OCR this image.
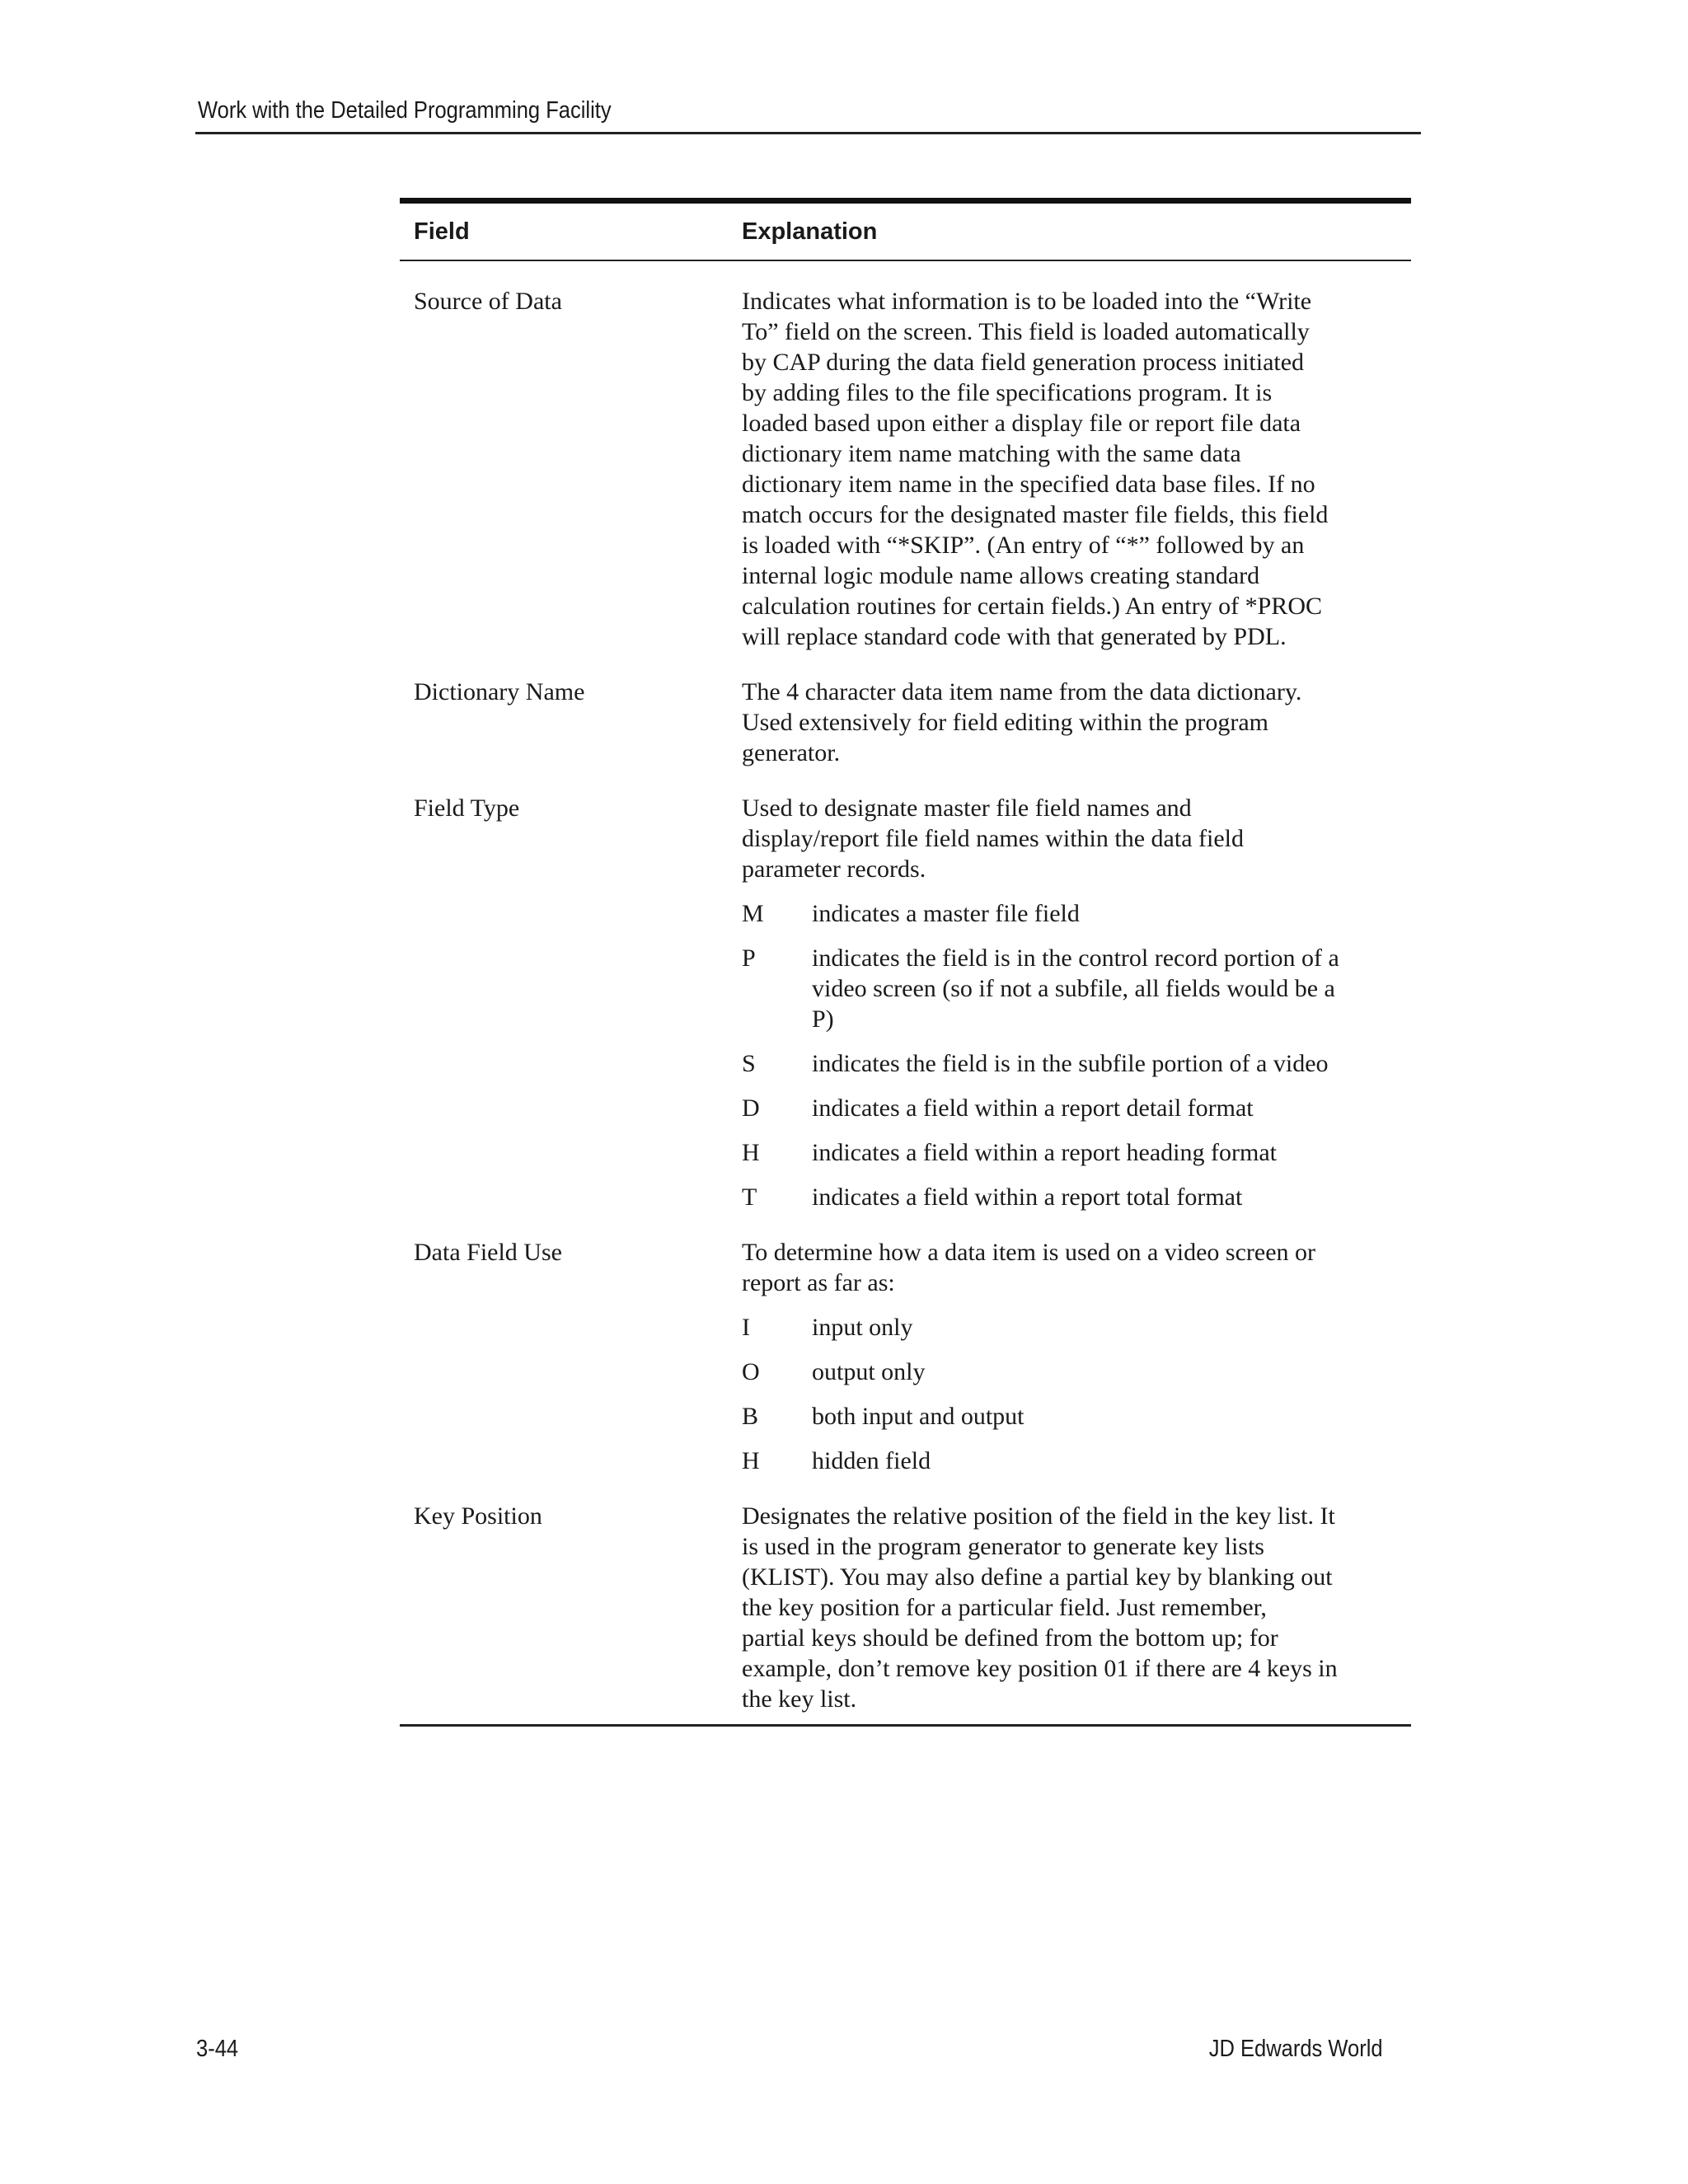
Work with the Detailed Programming Facility
Field	Explanation
Source of Data	Indicates what information is to be loaded into the “Write
To” field on the screen. This field is loaded automatically
by CAP during the data field generation process initiated
by adding files to the file specifications program. It is
loaded based upon either a display file or report file data
dictionary item name matching with the same data
dictionary item name in the specified data base files. If no
match occurs for the designated master file fields, this field
is loaded with “*SKIP”. (An entry of “*” followed by an
internal logic module name allows creating standard
calculation routines for certain fields.) An entry of *PROC
will replace standard code with that generated by PDL.
Dictionary Name	The 4 character data item name from the data dictionary.
Used extensively for field editing within the program
generator.
Field Type	Used to designate master file field names and
display/report file field names within the data field
parameter records.
M	indicates a master file field
P	indicates the field is in the control record portion of a
video screen (so if not a subfile, all fields would be a
P)
S	indicates the field is in the subfile portion of a video
D	indicates a field within a report detail format
H	indicates a field within a report heading format
T	indicates a field within a report total format
Data Field Use	To determine how a data item is used on a video screen or
report as far as:
I	input only
O	output only
B	both input and output
H	hidden field
Key Position	Designates the relative position of the field in the key list. It
is used in the program generator to generate key lists
(KLIST). You may also define a partial key by blanking out
the key position for a particular field. Just remember,
partial keys should be defined from the bottom up; for
example, don’t remove key position 01 if there are 4 keys in
the key list.
3-44	JD Edwards World
